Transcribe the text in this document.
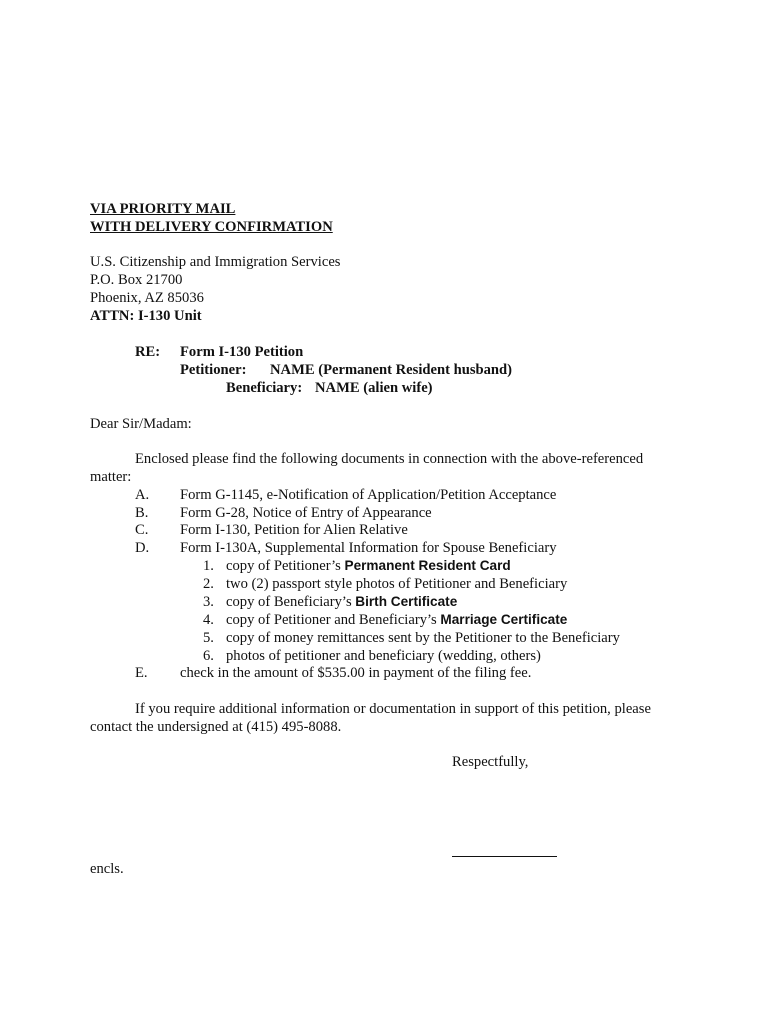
VIA PRIORITY MAIL
WITH DELIVERY CONFIRMATION
U.S. Citizenship and Immigration Services
P.O. Box 21700
Phoenix, AZ 85036
ATTN: I-130 Unit
RE: Form I-130 Petition
Petitioner: NAME (Permanent Resident husband)
Beneficiary: NAME (alien wife)
Dear Sir/Madam:
Enclosed please find the following documents in connection with the above-referenced
matter:
A. Form G-1145, e-Notification of Application/Petition Acceptance
B. Form G-28, Notice of Entry of Appearance
C. Form I-130, Petition for Alien Relative
D. Form I-130A, Supplemental Information for Spouse Beneficiary
1. copy of Petitioner’s Permanent Resident Card
2. two (2) passport style photos of Petitioner and Beneficiary
3. copy of Beneficiary’s Birth Certificate
4. copy of Petitioner and Beneficiary’s Marriage Certificate
5. copy of money remittances sent by the Petitioner to the Beneficiary
6. photos of petitioner and beneficiary (wedding, others)
E. check in the amount of $535.00 in payment of the filing fee.
If you require additional information or documentation in support of this petition, please
contact the undersigned at (415) 495-8088.
Respectfully,
encls.
